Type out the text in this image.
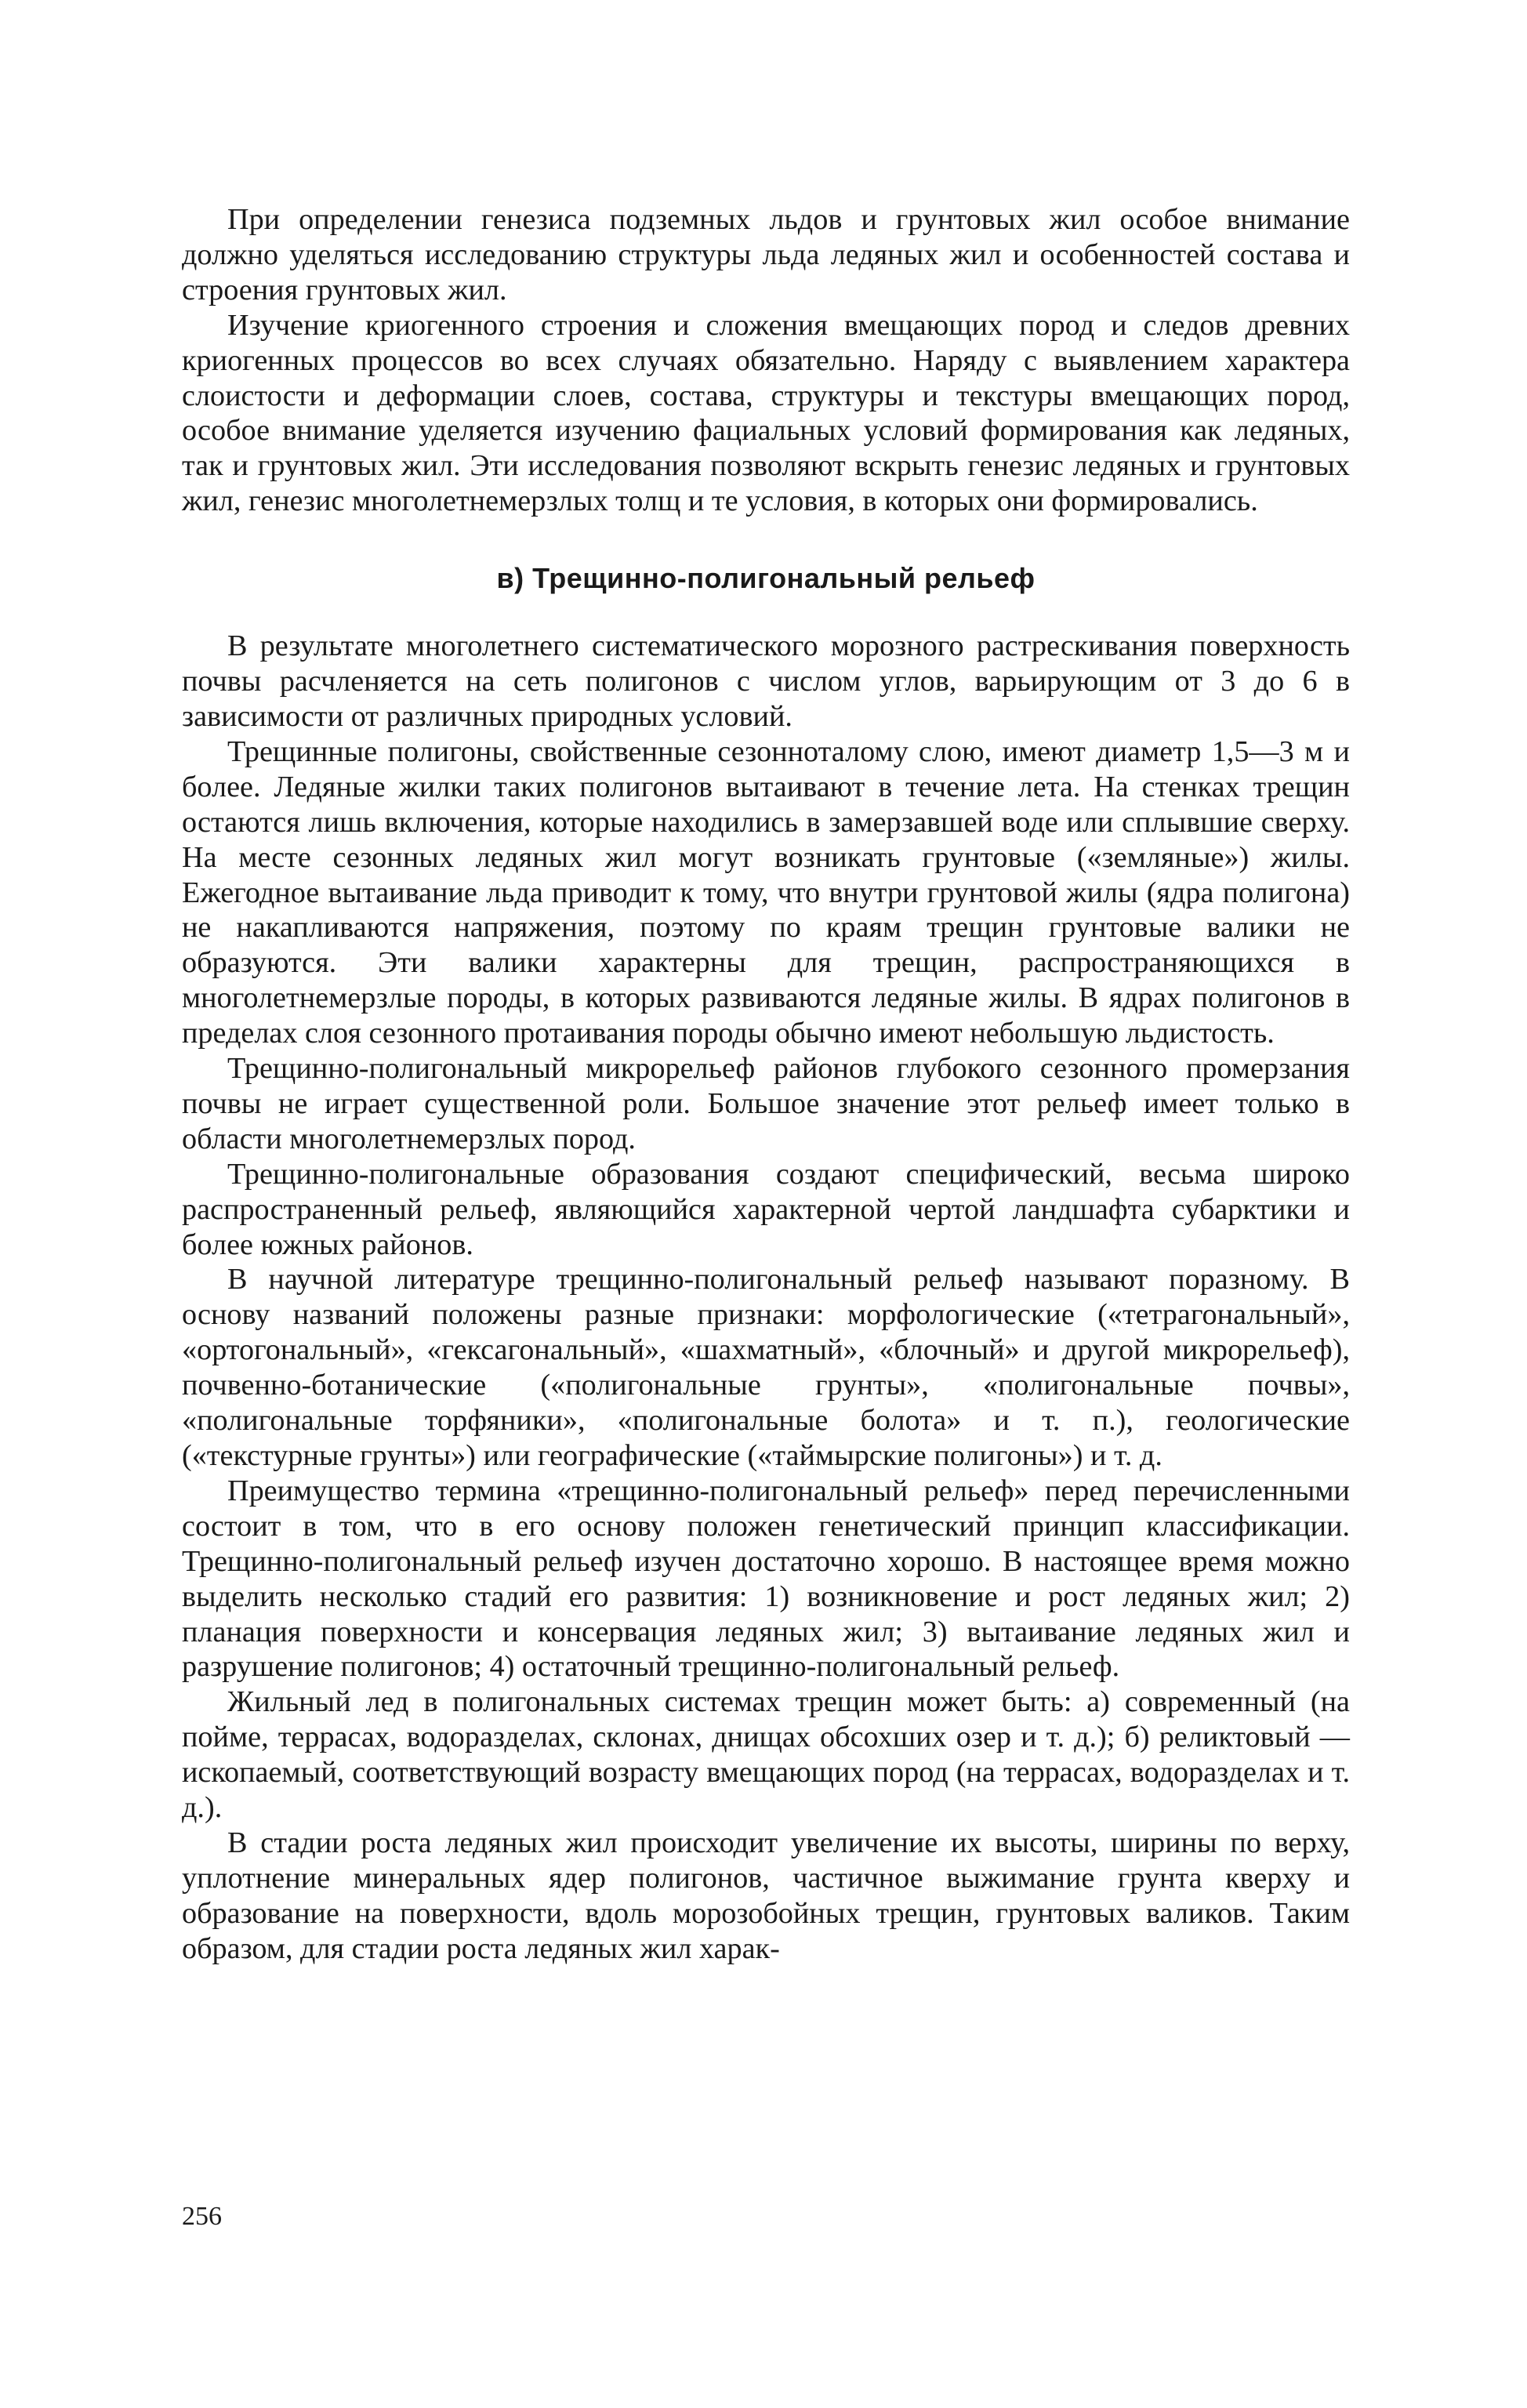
При определении генезиса подземных льдов и грунтовых жил особое внимание должно уделяться исследованию структуры льда ледяных жил и особенностей состава и строения грунтовых жил.

Изучение криогенного строения и сложения вмещающих пород и следов древних криогенных процессов во всех случаях обязательно. Наряду с выявлением характера слоистости и деформации слоев, состава, структуры и текстуры вмещающих пород, особое внимание уделяется изучению фациальных условий формирования как ледяных, так и грунтовых жил. Эти исследования позволяют вскрыть генезис ледяных и грунтовых жил, генезис многолетнемерзлых толщ и те условия, в которых они формировались.

в) Трещинно-полигональный рельеф

В результате многолетнего систематического морозного растрескивания поверхность почвы расчленяется на сеть полигонов с числом углов, варьирующим от 3 до 6 в зависимости от различных природных условий.

Трещинные полигоны, свойственные сезонноталому слою, имеют диаметр 1,5—3 м и более. Ледяные жилки таких полигонов вытаивают в течение лета. На стенках трещин остаются лишь включения, которые находились в замерзавшей воде или сплывшие сверху. На месте сезонных ледяных жил могут возникать грунтовые («земляные») жилы. Ежегодное вытаивание льда приводит к тому, что внутри грунтовой жилы (ядра полигона) не накапливаются напряжения, поэтому по краям трещин грунтовые валики не образуются. Эти валики характерны для трещин, распространяющихся в многолетнемерзлые породы, в которых развиваются ледяные жилы. В ядрах полигонов в пределах слоя сезонного протаивания породы обычно имеют небольшую льдистость.

Трещинно-полигональный микрорельеф районов глубокого сезонного промерзания почвы не играет существенной роли. Большое значение этот рельеф имеет только в области многолетнемерзлых пород.

Трещинно-полигональные образования создают специфический, весьма широко распространенный рельеф, являющийся характерной чертой ландшафта субарктики и более южных районов.

В научной литературе трещинно-полигональный рельеф называют поразному. В основу названий положены разные признаки: морфологические («тетрагональный», «ортогональный», «гексагональный», «шахматный», «блочный» и другой микрорельеф), почвенно-ботанические («полигональные грунты», «полигональные почвы», «полигональные торфяники», «полигональные болота» и т. п.), геологические («текстурные грунты») или географические («таймырские полигоны») и т. д.

Преимущество термина «трещинно-полигональный рельеф» перед перечисленными состоит в том, что в его основу положен генетический принцип классификации. Трещинно-полигональный рельеф изучен достаточно хорошо. В настоящее время можно выделить несколько стадий его развития: 1) возникновение и рост ледяных жил; 2) планация поверхности и консервация ледяных жил; 3) вытаивание ледяных жил и разрушение полигонов; 4) остаточный трещинно-полигональный рельеф.

Жильный лед в полигональных системах трещин может быть: а) современный (на пойме, террасах, водоразделах, склонах, днищах обсохших озер и т. д.); б) реликтовый — ископаемый, соответствующий возрасту вмещающих пород (на террасах, водоразделах и т. д.).

В стадии роста ледяных жил происходит увеличение их высоты, ширины по верху, уплотнение минеральных ядер полигонов, частичное выжимание грунта кверху и образование на поверхности, вдоль морозобойных трещин, грунтовых валиков. Таким образом, для стадии роста ледяных жил харак-

256
